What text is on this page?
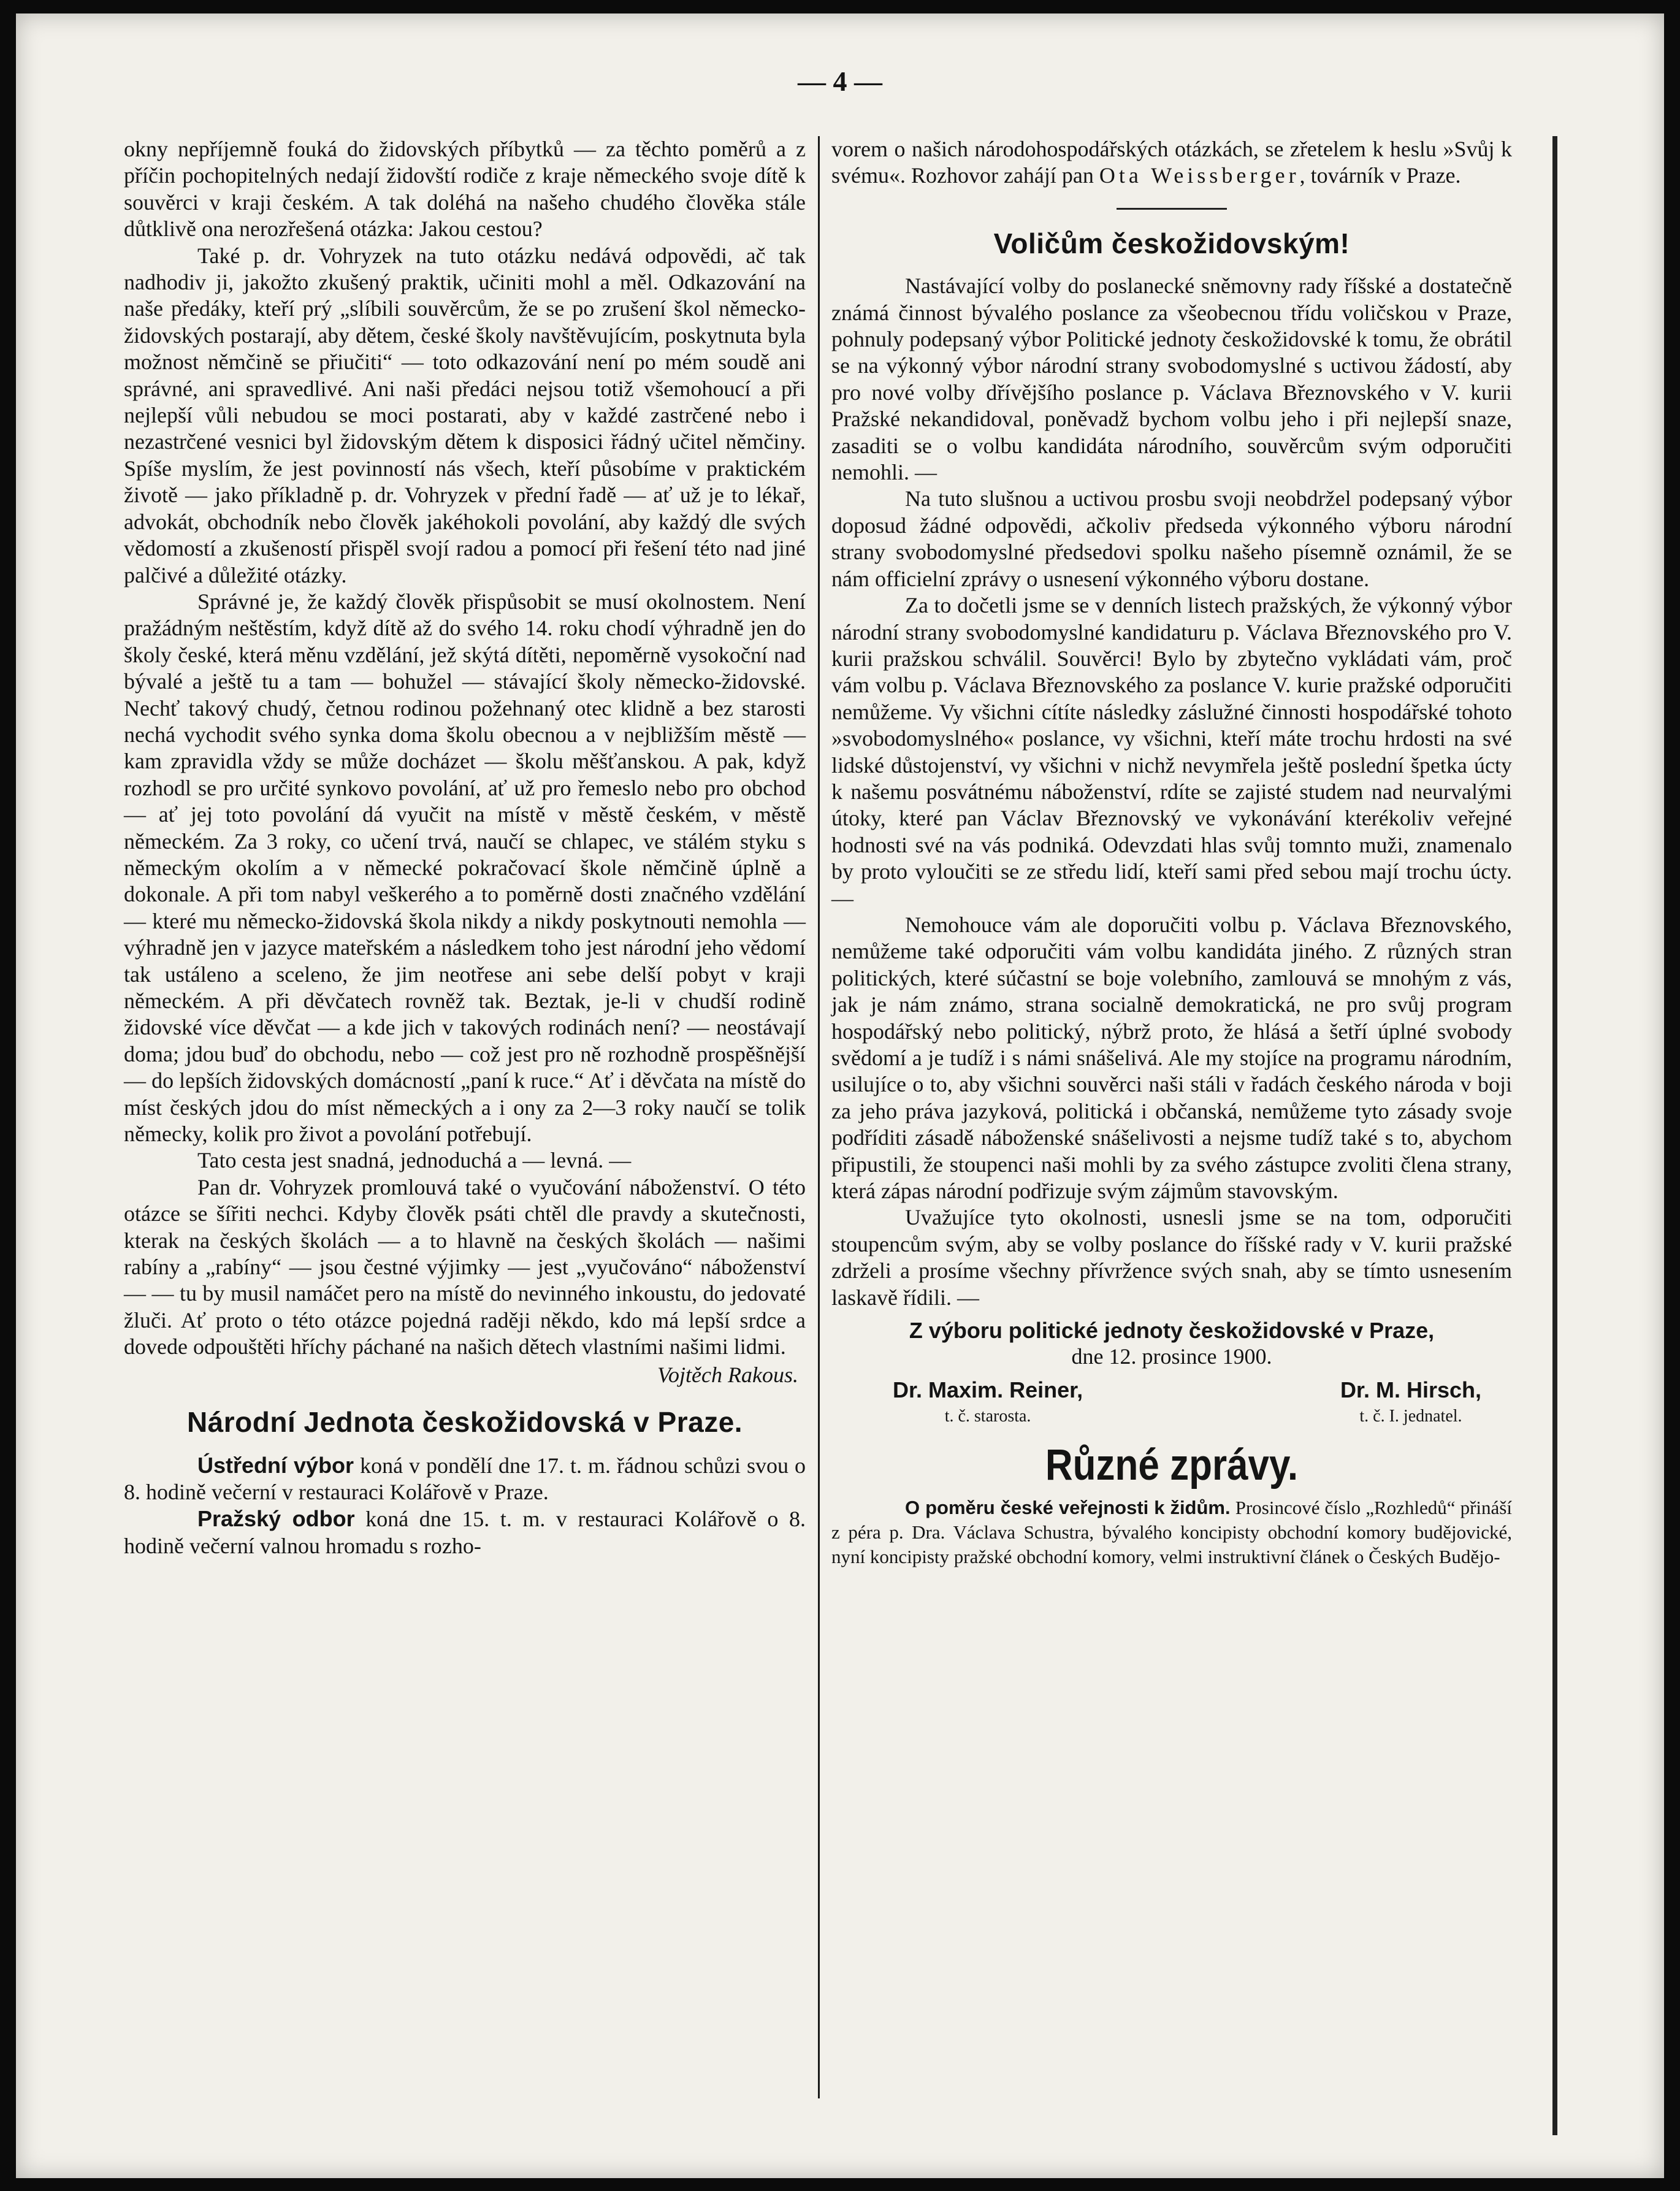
— 4 —

okny nepříjemně fouká do židovských příbytků — za těchto poměrů a z příčin pochopitelných nedají židovští rodiče z kraje německého svoje dítě k souvěrci v kraji českém. A tak doléhá na našeho chudého člověka stále důtklivě ona nerozřešená otázka: Jakou cestou?

Také p. dr. Vohryzek na tuto otázku nedává odpovědi, ač tak nadhodiv ji, jakožto zkušený praktik, učiniti mohl a měl. Odkazování na naše předáky, kteří prý „slíbili souvěrcům, že se po zrušení škol německo-židovských postarají, aby dětem, české školy navštěvujícím, poskytnuta byla možnost němčině se přiučiti“ — toto odkazování není po mém soudě ani správné, ani spravedlivé. Ani naši předáci nejsou totiž všemohoucí a při nejlepší vůli nebudou se moci postarati, aby v každé zastrčené nebo i nezastrčené vesnici byl židovským dětem k disposici řádný učitel němčiny. Spíše myslím, že jest povinností nás všech, kteří působíme v praktickém životě — jako příkladně p. dr. Vohryzek v přední řadě — ať už je to lékař, advokát, obchodník nebo člověk jakéhokoli povolání, aby každý dle svých vědomostí a zkušeností přispěl svojí radou a pomocí při řešení této nad jiné palčivé a důležité otázky.

Správné je, že každý člověk přispůsobit se musí okolnostem. Není pražádným neštěstím, když dítě až do svého 14. roku chodí výhradně jen do školy české, která měnu vzdělání, jež skýtá dítěti, nepoměrně vysokoční nad bývalé a ještě tu a tam — bohužel — stávající školy německo-židovské. Nechť takový chudý, četnou rodinou požehnaný otec klidně a bez starosti nechá vychodit svého synka doma školu obecnou a v nejbližším městě — kam zpravidla vždy se může docházet — školu měšťanskou. A pak, když rozhodl se pro určité synkovo povolání, ať už pro řemeslo nebo pro obchod — ať jej toto povolání dá vyučit na místě v městě českém, v městě německém. Za 3 roky, co učení trvá, naučí se chlapec, ve stálém styku s německým okolím a v německé pokračovací škole němčině úplně a dokonale. A při tom nabyl veškerého a to poměrně dosti značného vzdělání — které mu německo-židovská škola nikdy a nikdy poskytnouti nemohla — výhradně jen v jazyce mateřském a následkem toho jest národní jeho vědomí tak ustáleno a sceleno, že jim neotřese ani sebe delší pobyt v kraji německém. A při děvčatech rovněž tak. Beztak, je-li v chudší rodině židovské více děvčat — a kde jich v takových rodinách není? — neostávají doma; jdou buď do obchodu, nebo — což jest pro ně rozhodně prospěšnější — do lepších židovských domácností „paní k ruce.“ Ať i děvčata na místě do míst českých jdou do míst německých a i ony za 2—3 roky naučí se tolik německy, kolik pro život a povolání potřebují.

Tato cesta jest snadná, jednoduchá a — levná. —

Pan dr. Vohryzek promlouvá také o vyučování náboženství. O této otázce se šířiti nechci. Kdyby člověk psáti chtěl dle pravdy a skutečnosti, kterak na českých školách — a to hlavně na českých školách — našimi rabíny a „rabíny“ — jsou čestné výjimky — jest „vyučováno“ náboženství — — tu by musil namáčet pero na místě do nevinného inkoustu, do jedovaté žluči. Ať proto o této otázce pojedná raději někdo, kdo má lepší srdce a dovede odpouštěti hříchy páchané na našich dětech vlastními našimi lidmi.

Vojtěch Rakous.
Národní Jednota českožidovská v Praze.

Ústřední výbor koná v pondělí dne 17. t. m. řádnou schůzi svou o 8. hodině večerní v restauraci Kolářově v Praze.

Pražský odbor koná dne 15. t. m. v restauraci Kolářově o 8. hodině večerní valnou hromadu s rozho-

vorem o našich národohospodářských otázkách, se zřetelem k heslu »Svůj k svému«. Rozhovor zahájí pan Ota Weissberger, továrník v Praze.

Voličům českožidovským!

Nastávající volby do poslanecké sněmovny rady říšské a dostatečně známá činnost bývalého poslance za všeobecnou třídu voličskou v Praze, pohnuly podepsaný výbor Politické jednoty českožidovské k tomu, že obrátil se na výkonný výbor národní strany svobodomyslné s uctivou žádostí, aby pro nové volby dřívějšího poslance p. Václava Březnovského v V. kurii Pražské nekandidoval, poněvadž bychom volbu jeho i při nejlepší snaze, zasaditi se o volbu kandidáta národního, souvěrcům svým odporučiti nemohli. —

Na tuto slušnou a uctivou prosbu svoji neobdržel podepsaný výbor doposud žádné odpovědi, ačkoliv předseda výkonného výboru národní strany svobodomyslné předsedovi spolku našeho písemně oznámil, že se nám officielní zprávy o usnesení výkonného výboru dostane.

Za to dočetli jsme se v denních listech pražských, že výkonný výbor národní strany svobodomyslné kandidaturu p. Václava Březnovského pro V. kurii pražskou schválil. Souvěrci! Bylo by zbytečno vykládati vám, proč vám volbu p. Václava Březnovského za poslance V. kurie pražské odporučiti nemůžeme. Vy všichni cítíte následky záslužné činnosti hospodářské tohoto »svobodomyslného« poslance, vy všichni, kteří máte trochu hrdosti na své lidské důstojenství, vy všichni v nichž nevymřela ještě poslední špetka úcty k našemu posvátnému náboženství, rdíte se zajisté studem nad neurvalými útoky, které pan Václav Březnovský ve vykonávání kterékoliv veřejné hodnosti své na vás podniká. Odevzdati hlas svůj tomnto muži, znamenalo by proto vyloučiti se ze středu lidí, kteří sami před sebou mají trochu úcty. —

Nemohouce vám ale doporučiti volbu p. Václava Březnovského, nemůžeme také odporučiti vám volbu kandidáta jiného. Z různých stran politických, které súčastní se boje volebního, zamlouvá se mnohým z vás, jak je nám známo, strana socialně demokratická, ne pro svůj program hospodářský nebo politický, nýbrž proto, že hlásá a šetří úplné svobody svědomí a je tudíž i s námi snášelivá. Ale my stojíce na programu národním, usilujíce o to, aby všichni souvěrci naši stáli v řadách českého národa v boji za jeho práva jazyková, politická i občanská, nemůžeme tyto zásady svoje podříditi zásadě náboženské snášelivosti a nejsme tudíž také s to, abychom připustili, že stoupenci naši mohli by za svého zástupce zvoliti člena strany, která zápas národní podřizuje svým zájmům stavovským.

Uvažujíce tyto okolnosti, usnesli jsme se na tom, odporučiti stoupencům svým, aby se volby poslance do říšské rady v V. kurii pražské zdrželi a prosíme všechny přívržence svých snah, aby se tímto usnesením laskavě řídili. —

Z výboru politické jednoty českožidovské v Praze,

dne 12. prosince 1900.

Dr. Maxim. Reiner,
t. č. starosta.
Dr. M. Hirsch,
t. č. I. jednatel.
Různé zprávy.

O poměru české veřejnosti k židům. Prosincové číslo „Rozhledů“ přináší z péra p. Dra. Václava Schustra, bývalého koncipisty obchodní komory budějovické, nyní koncipisty pražské obchodní komory, velmi instruktivní článek o Českých Budějo-
